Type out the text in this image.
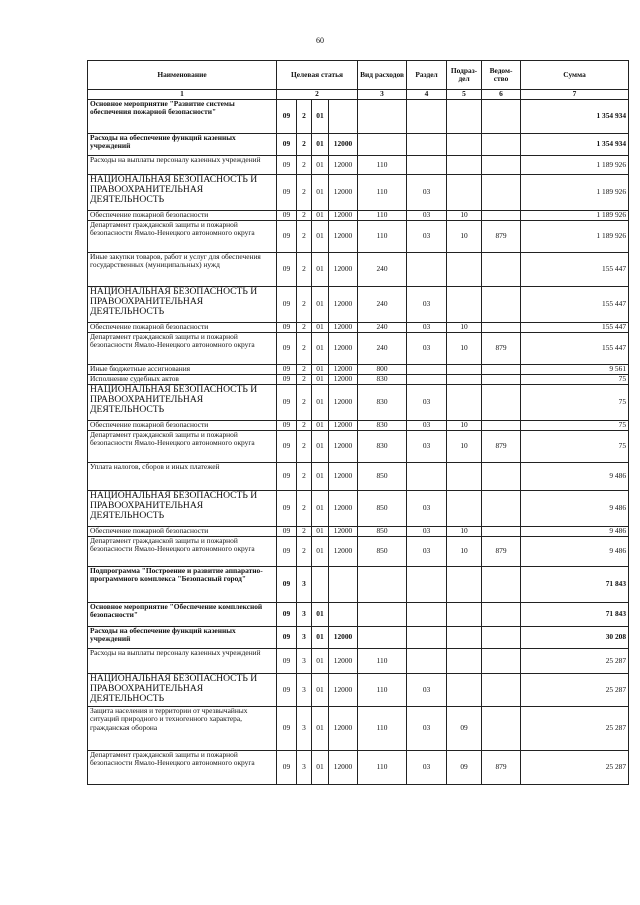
60
Наименование	Целевая статья				Вид расходов	Раздел	Подраз-дел	Ведом-ство	Сумма
1	2				3	4	5	6	7
Основное мероприятие "Развитие системы обеспечения пожарной безопасности"	09	2	01						1 354 934
Расходы на обеспечение функций казенных учреждений	09	2	01	12000					1 354 934
Расходы на выплаты персоналу казенных учреждений	09	2	01	12000	110				1 189 926
НАЦИОНАЛЬНАЯ БЕЗОПАСНОСТЬ И ПРАВООХРАНИТЕЛЬНАЯ ДЕЯТЕЛЬНОСТЬ	09	2	01	12000	110	03			1 189 926
Обеспечение пожарной безопасности	09	2	01	12000	110	03	10		1 189 926
Департамент гражданской защиты и пожарной безопасности Ямало-Ненецкого автономного округа	09	2	01	12000	110	03	10	879	1 189 926
Иные закупки товаров, работ и услуг для обеспечения государственных (муниципальных) нужд	09	2	01	12000	240				155 447
НАЦИОНАЛЬНАЯ БЕЗОПАСНОСТЬ И ПРАВООХРАНИТЕЛЬНАЯ ДЕЯТЕЛЬНОСТЬ	09	2	01	12000	240	03			155 447
Обеспечение пожарной безопасности	09	2	01	12000	240	03	10		155 447
Департамент гражданской защиты и пожарной безопасности Ямало-Ненецкого автономного округа	09	2	01	12000	240	03	10	879	155 447
Иные бюджетные ассигнования	09	2	01	12000	800				9 561
Исполнение судебных актов	09	2	01	12000	830				75
НАЦИОНАЛЬНАЯ БЕЗОПАСНОСТЬ И ПРАВООХРАНИТЕЛЬНАЯ ДЕЯТЕЛЬНОСТЬ	09	2	01	12000	830	03			75
Обеспечение пожарной безопасности	09	2	01	12000	830	03	10		75
Департамент гражданской защиты и пожарной безопасности Ямало-Ненецкого автономного округа	09	2	01	12000	830	03	10	879	75
Уплата налогов, сборов и иных платежей	09	2	01	12000	850				9 486
НАЦИОНАЛЬНАЯ БЕЗОПАСНОСТЬ И ПРАВООХРАНИТЕЛЬНАЯ ДЕЯТЕЛЬНОСТЬ	09	2	01	12000	850	03			9 486
Обеспечение пожарной безопасности	09	2	01	12000	850	03	10		9 486
Департамент гражданской защиты и пожарной безопасности Ямало-Ненецкого автономного округа	09	2	01	12000	850	03	10	879	9 486
Подпрограмма "Построение и развитие аппаратно-программного комплекса "Безопасный город"	09	3							71 843
Основное мероприятие "Обеспечение комплексной безопасности"	09	3	01						71 843
Расходы на обеспечение функций казенных учреждений	09	3	01	12000					30 208
Расходы на выплаты персоналу казенных учреждений	09	3	01	12000	110				25 287
НАЦИОНАЛЬНАЯ БЕЗОПАСНОСТЬ И ПРАВООХРАНИТЕЛЬНАЯ ДЕЯТЕЛЬНОСТЬ	09	3	01	12000	110	03			25 287
Защита населения и территории от чрезвычайных ситуаций природного и техногенного характера, гражданская оборона	09	3	01	12000	110	03	09		25 287
Департамент гражданской защиты и пожарной безопасности Ямало-Ненецкого автономного округа	09	3	01	12000	110	03	09	879	25 287
